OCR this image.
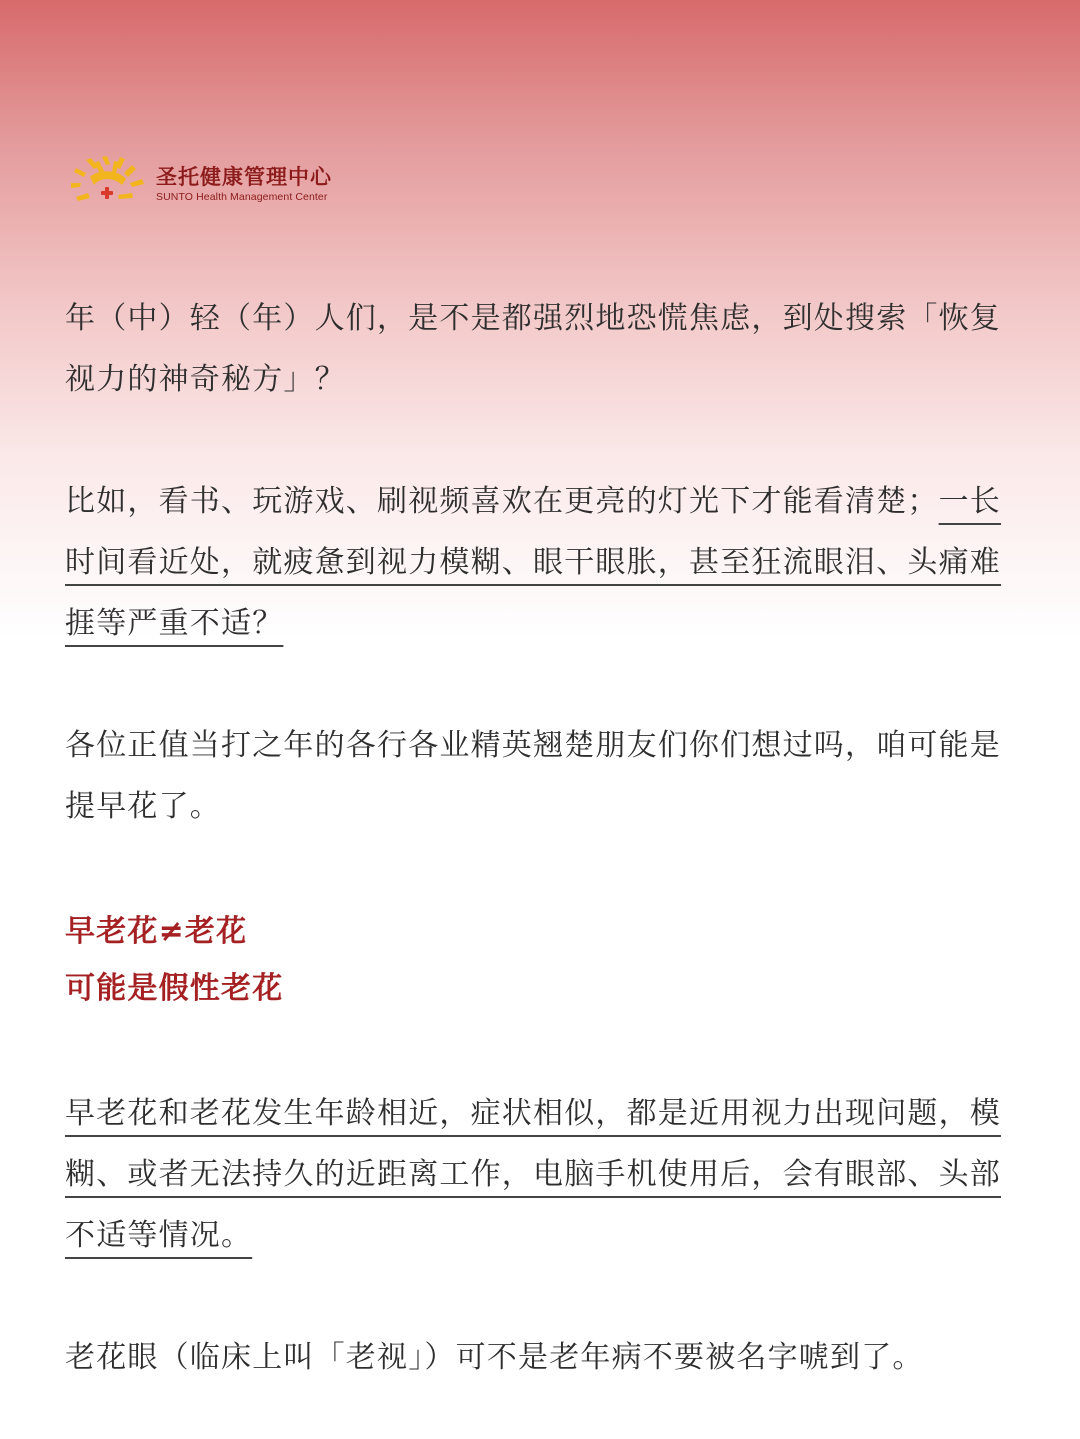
圣托健康管理中心
SUNTO Health Management Center

年（中）轻（年）人们，是不是都强烈地恐慌焦虑，到处搜索「恢复视力的神奇秘方」？

比如，看书、玩游戏、刷视频喜欢在更亮的灯光下才能看清楚；一长时间看近处，就疲惫到视力模糊、眼干眼胀，甚至狂流眼泪、头痛难捱等严重不适？

各位正值当打之年的各行各业精英翘楚朋友们你们想过吗，咱可能是提早花了。

早老花≠老花

可能是假性老花

早老花和老花发生年龄相近，症状相似，都是近用视力出现问题，模糊、或者无法持久的近距离工作，电脑手机使用后，会有眼部、头部不适等情况。

老花眼（临床上叫「老视」）可不是老年病不要被名字唬到了。
